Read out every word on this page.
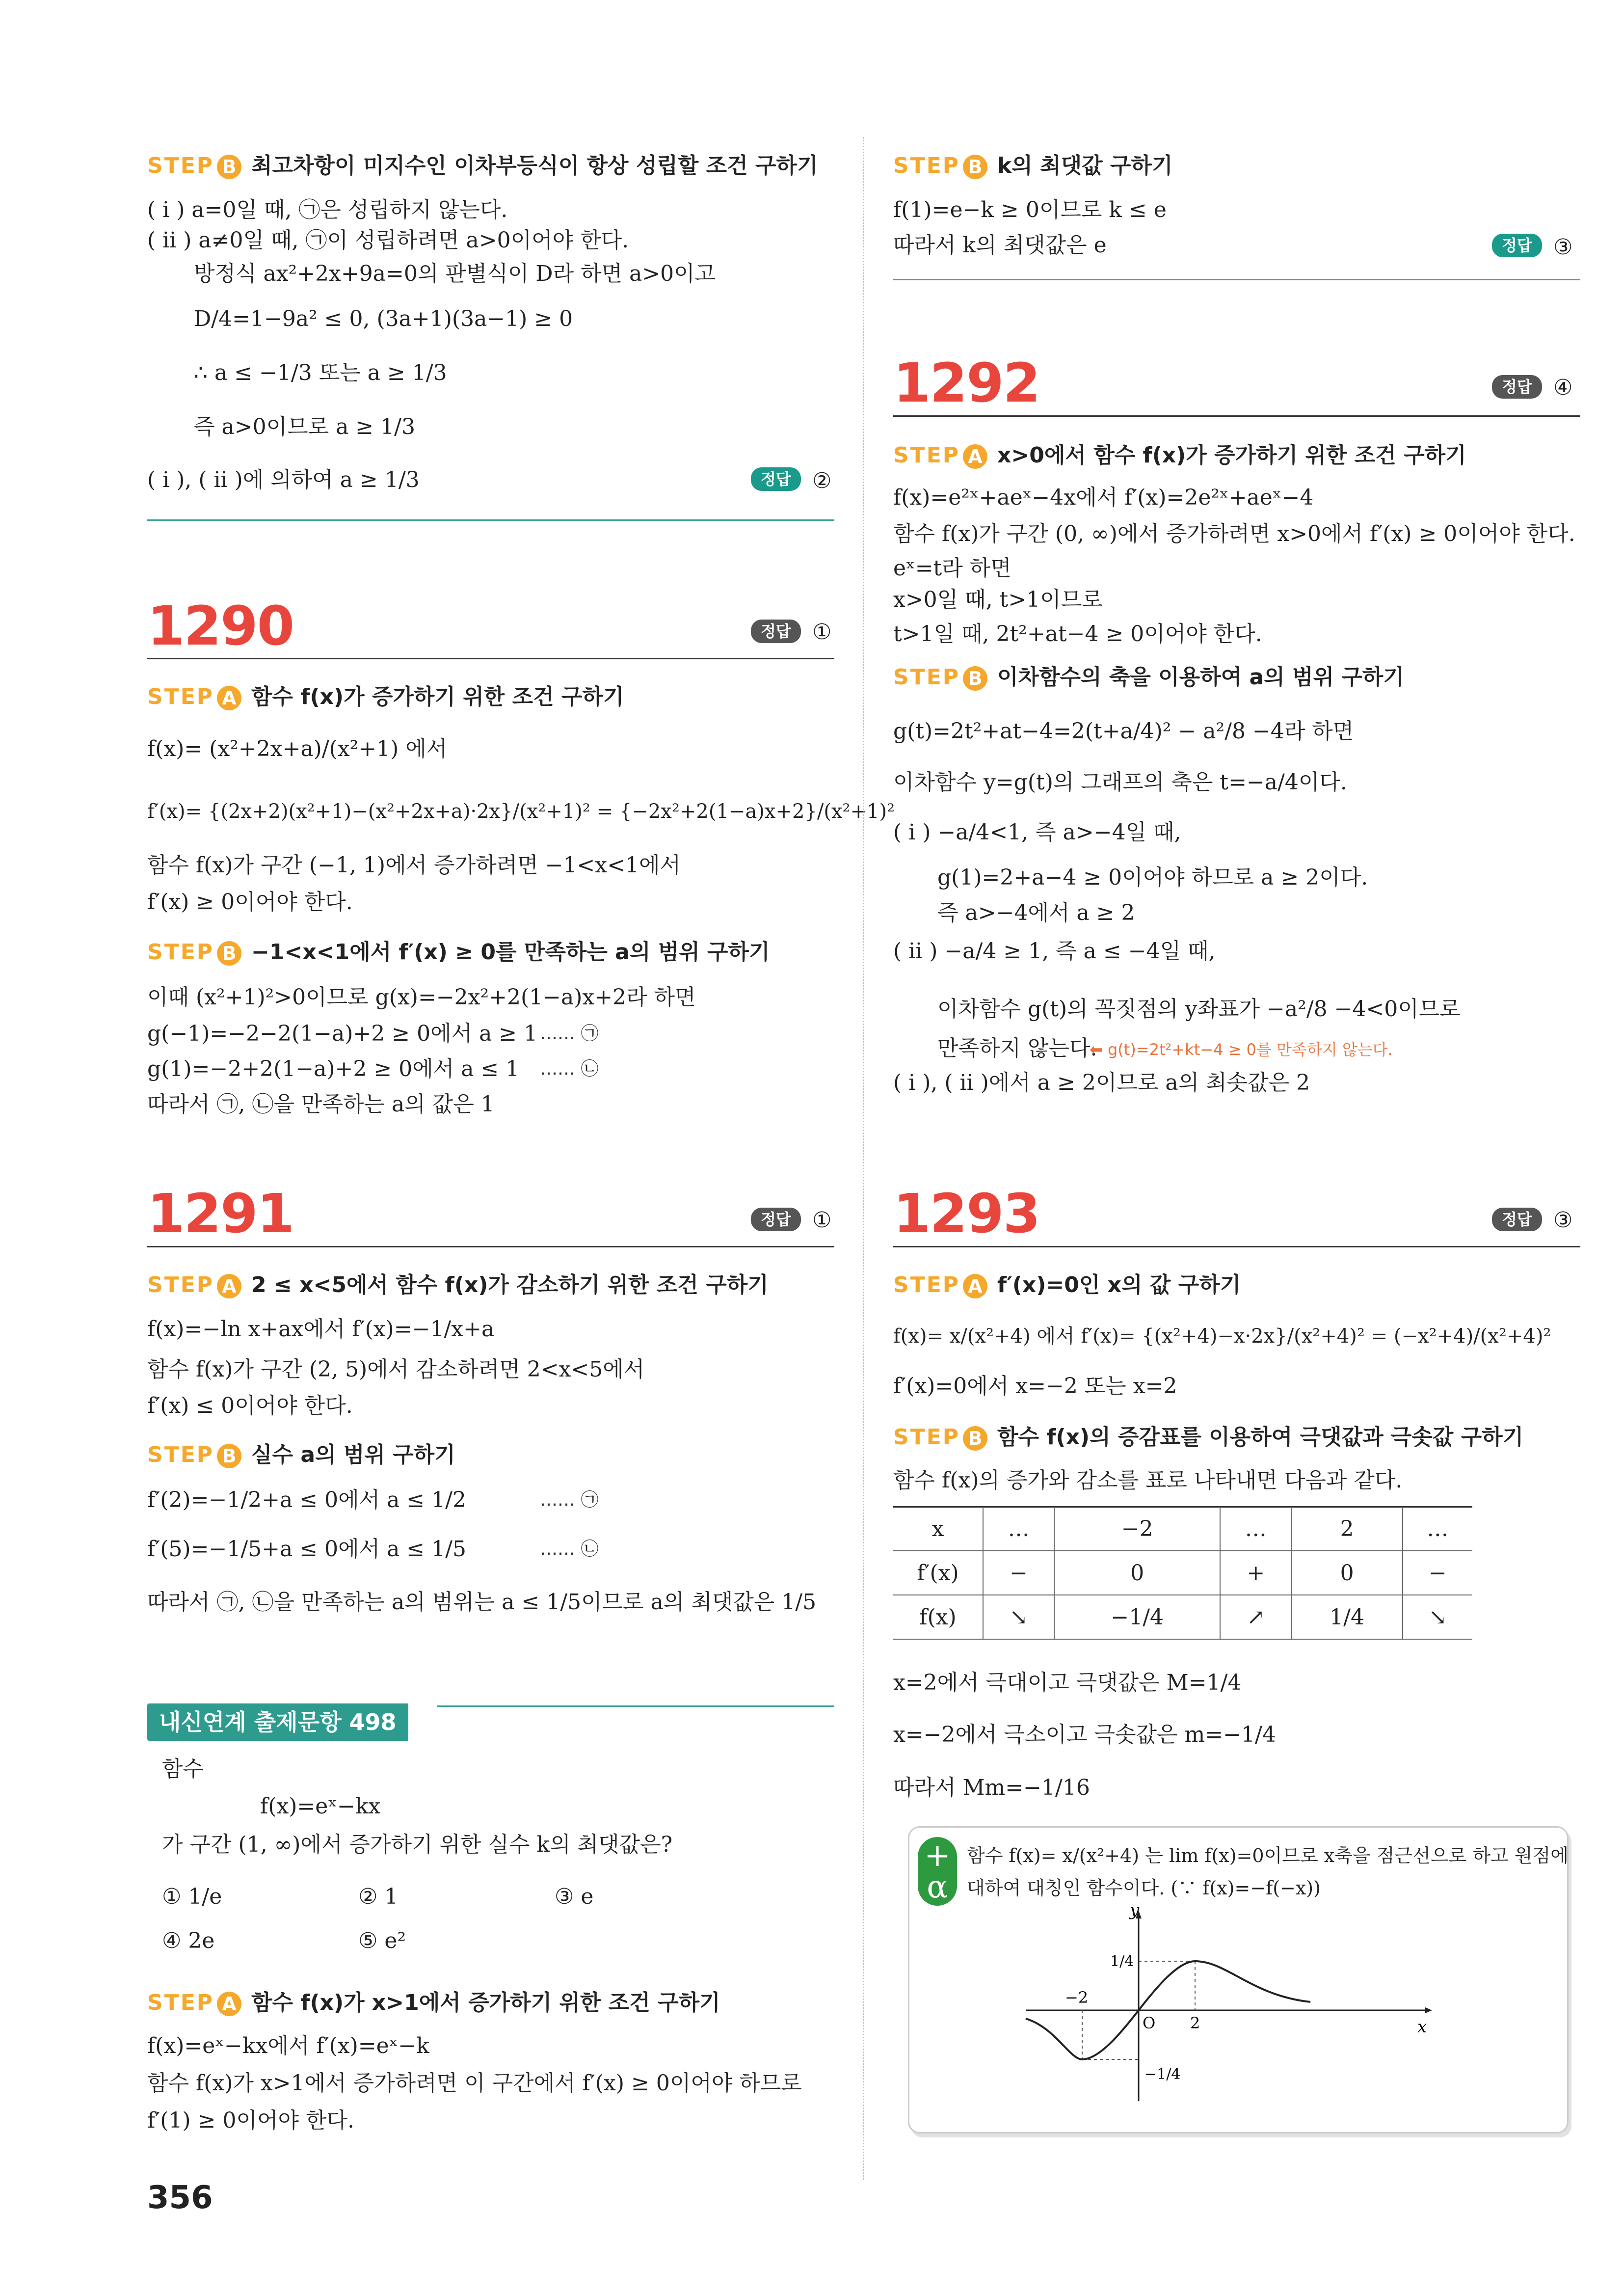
STEP B 최고차항이 미지수인 이차부등식이 항상 성립할 조건 구하기
( i ) a=0일 때, ㉠은 성립하지 않는다.
( ii ) a≠0일 때, ㉠이 성립하려면 a>0이어야 한다.
방정식 ax²+2x+9a=0의 판별식이 D라 하면 a>0이고
D/4=1−9a² ≤ 0, (3a+1)(3a−1) ≥ 0
∴ a ≤ −1/3 또는 a ≥ 1/3
즉 a>0이므로 a ≥ 1/3
( i ), ( ii )에 의하여 a ≥ 1/3	정답 ②
1290	정답 ①
STEP A 함수 f(x)가 증가하기 위한 조건 구하기
f(x)= (x²+2x+a)/(x²+1) 에서
f′(x)= {(2x+2)(x²+1)−(x²+2x+a)·2x}/(x²+1)² = {−2x²+2(1−a)x+2}/(x²+1)²
함수 f(x)가 구간 (−1, 1)에서 증가하려면 −1<x<1에서
f′(x) ≥ 0이어야 한다.
STEP B −1<x<1에서 f′(x) ≥ 0를 만족하는 a의 범위 구하기
이때 (x²+1)²>0이므로 g(x)=−2x²+2(1−a)x+2라 하면
g(−1)=−2−2(1−a)+2 ≥ 0에서 a ≥ 1
g(1)=−2+2(1−a)+2 ≥ 0에서 a ≤ 1
따라서 ㉠, ㉡을 만족하는 a의 값은 1
…… ㉠
…… ㉡
1291	정답 ①
STEP A 2 ≤ x<5에서 함수 f(x)가 감소하기 위한 조건 구하기
f(x)=−ln x+ax에서 f′(x)=−1/x+a
함수 f(x)가 구간 (2, 5)에서 감소하려면 2<x<5에서
f′(x) ≤ 0이어야 한다.
STEP B 실수 a의 범위 구하기
f′(2)=−1/2+a ≤ 0에서 a ≤ 1/2
f′(5)=−1/5+a ≤ 0에서 a ≤ 1/5
따라서 ㉠, ㉡을 만족하는 a의 범위는 a ≤ 1/5이므로 a의 최댓값은 1/5
…… ㉠
…… ㉡
내신연계 출제문항 498
함수
f(x)=eˣ−kx
가 구간 (1, ∞)에서 증가하기 위한 실수 k의 최댓값은?
① 1/e	② 1	③ e
④ 2e	⑤ e²
STEP A 함수 f(x)가 x>1에서 증가하기 위한 조건 구하기
f(x)=eˣ−kx에서 f′(x)=eˣ−k
함수 f(x)가 x>1에서 증가하려면 이 구간에서 f′(x) ≥ 0이어야 하므로
f′(1) ≥ 0이어야 한다.
STEP B k의 최댓값 구하기
f(1)=e−k ≥ 0이므로 k ≤ e
따라서 k의 최댓값은 e	정답 ③
1292	정답 ④
STEP A x>0에서 함수 f(x)가 증가하기 위한 조건 구하기
f(x)=e²ˣ+aeˣ−4x에서 f′(x)=2e²ˣ+aeˣ−4
함수 f(x)가 구간 (0, ∞)에서 증가하려면 x>0에서 f′(x) ≥ 0이어야 한다.
eˣ=t라 하면
x>0일 때, t>1이므로
t>1일 때, 2t²+at−4 ≥ 0이어야 한다.
STEP B 이차함수의 축을 이용하여 a의 범위 구하기
g(t)=2t²+at−4=2(t+a/4)² − a²/8 −4라 하면
이차함수 y=g(t)의 그래프의 축은 t=−a/4이다.
( i ) −a/4<1, 즉 a>−4일 때,
g(1)=2+a−4 ≥ 0이어야 하므로 a ≥ 2이다.
즉 a>−4에서 a ≥ 2
( ii ) −a/4 ≥ 1, 즉 a ≤ −4일 때,
이차함수 g(t)의 꼭짓점의 y좌표가 −a²/8 −4<0이므로
만족하지 않는다.
⬅ g(t)=2t²+kt−4 ≥ 0를 만족하지 않는다.
( i ), ( ii )에서 a ≥ 2이므로 a의 최솟값은 2
1293	정답 ③
STEP A f′(x)=0인 x의 값 구하기
f(x)= x/(x²+4) 에서 f′(x)= {(x²+4)−x·2x}/(x²+4)² = (−x²+4)/(x²+4)²
f′(x)=0에서 x=−2 또는 x=2
STEP B 함수 f(x)의 증감표를 이용하여 극댓값과 극솟값 구하기
함수 f(x)의 증가와 감소를 표로 나타내면 다음과 같다.
x	…	−2	…	2	…
f′(x)	−	0	+	0	−
f(x)	↘	−1/4	↗	1/4	↘
x=2에서 극대이고 극댓값은 M=1/4
x=−2에서 극소이고 극솟값은 m=−1/4
따라서 Mm=−1/16
+
α
함수 f(x)= x/(x²+4) 는 lim f(x)=0이므로 x축을 점근선으로 하고 원점에
대하여 대칭인 함수이다. (∵ f(x)=−f(−x))
y
x
O
−2
2
1/4
−1/4
356
